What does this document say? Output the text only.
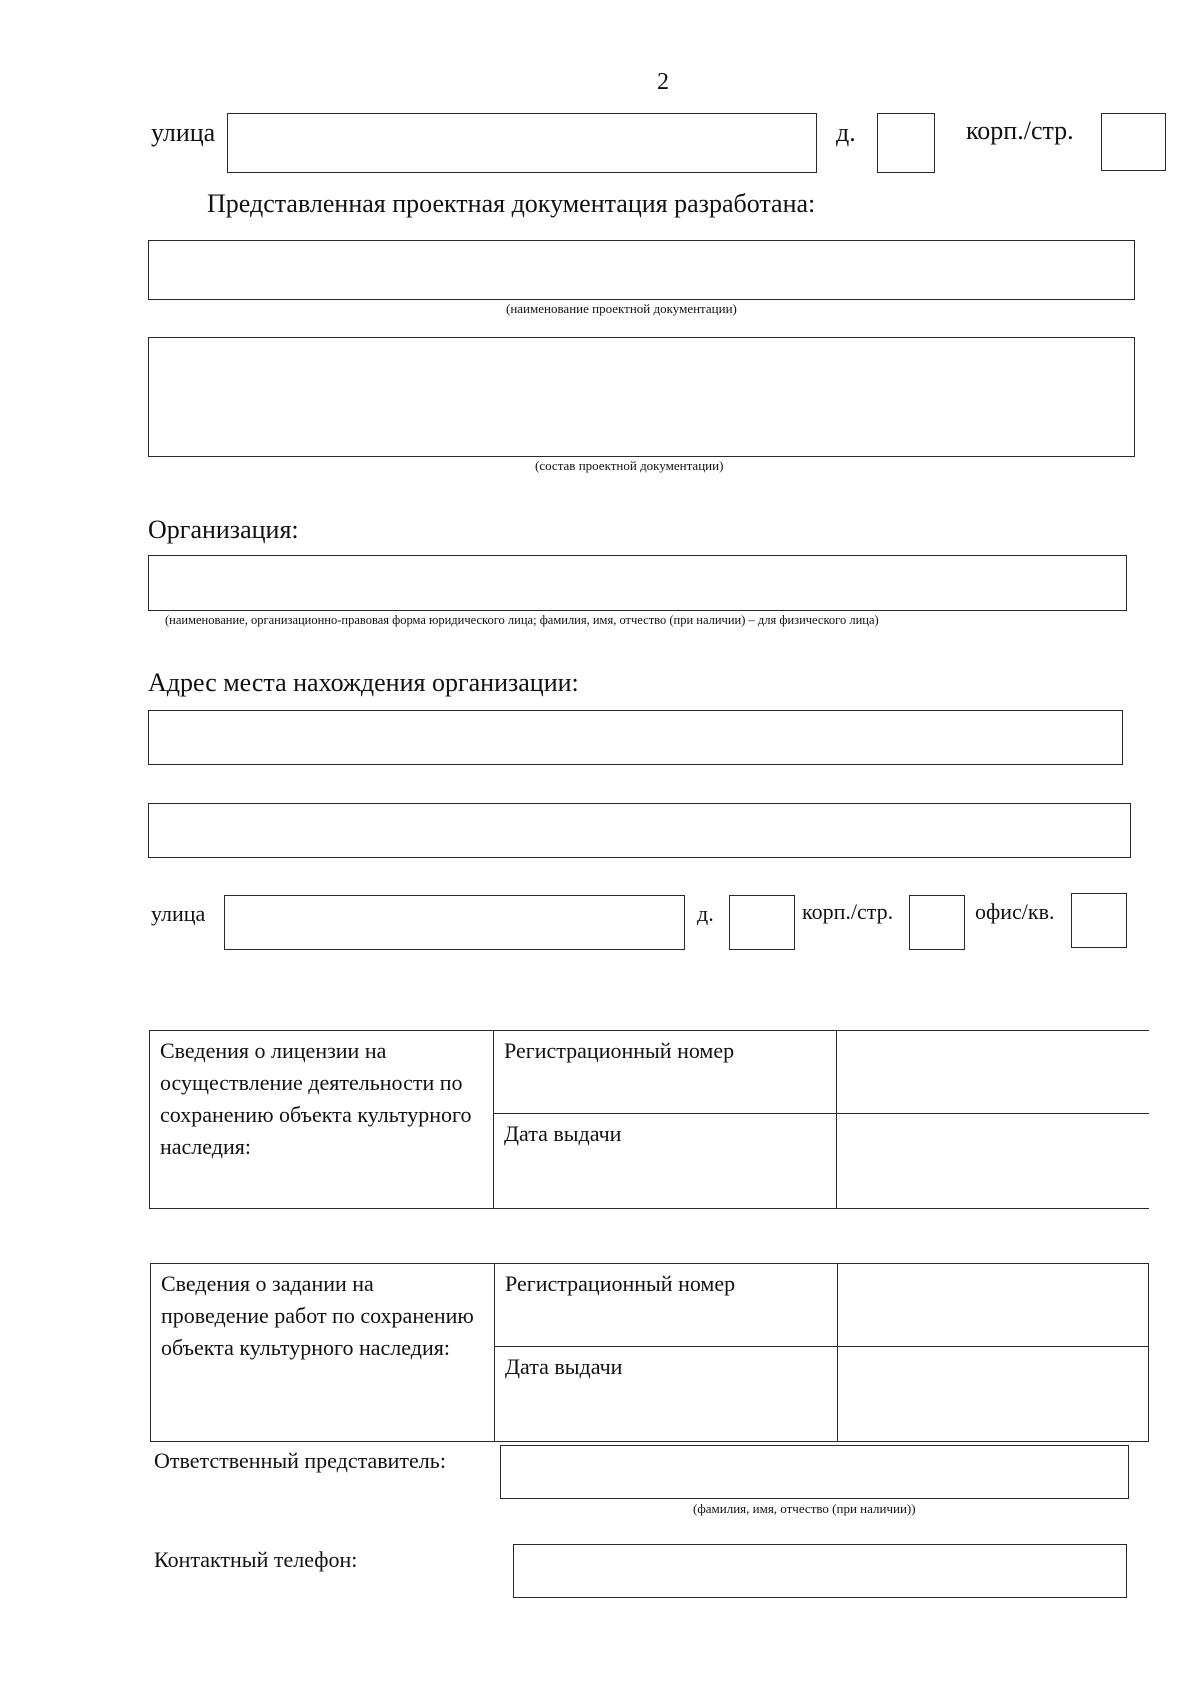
2
улица	д.	корп./стр.
Представленная проектная документация разработана:
(наименование проектной документации)
(состав проектной документации)
Организация:
(наименование, организационно-правовая форма юридического лица; фамилия, имя, отчество (при наличии) – для физического лица)
Адрес места нахождения организации:
улица	д.	корп./стр.	офис/кв.
Сведения о лицензии на осуществление деятельности по сохранению объекта культурного наследия:	Регистрационный номер	
	Дата выдачи	
Сведения о задании на проведение работ по сохранению объекта культурного наследия:	Регистрационный номер	
	Дата выдачи	
Ответственный представитель:
(фамилия, имя, отчество (при наличии))
Контактный телефон:
